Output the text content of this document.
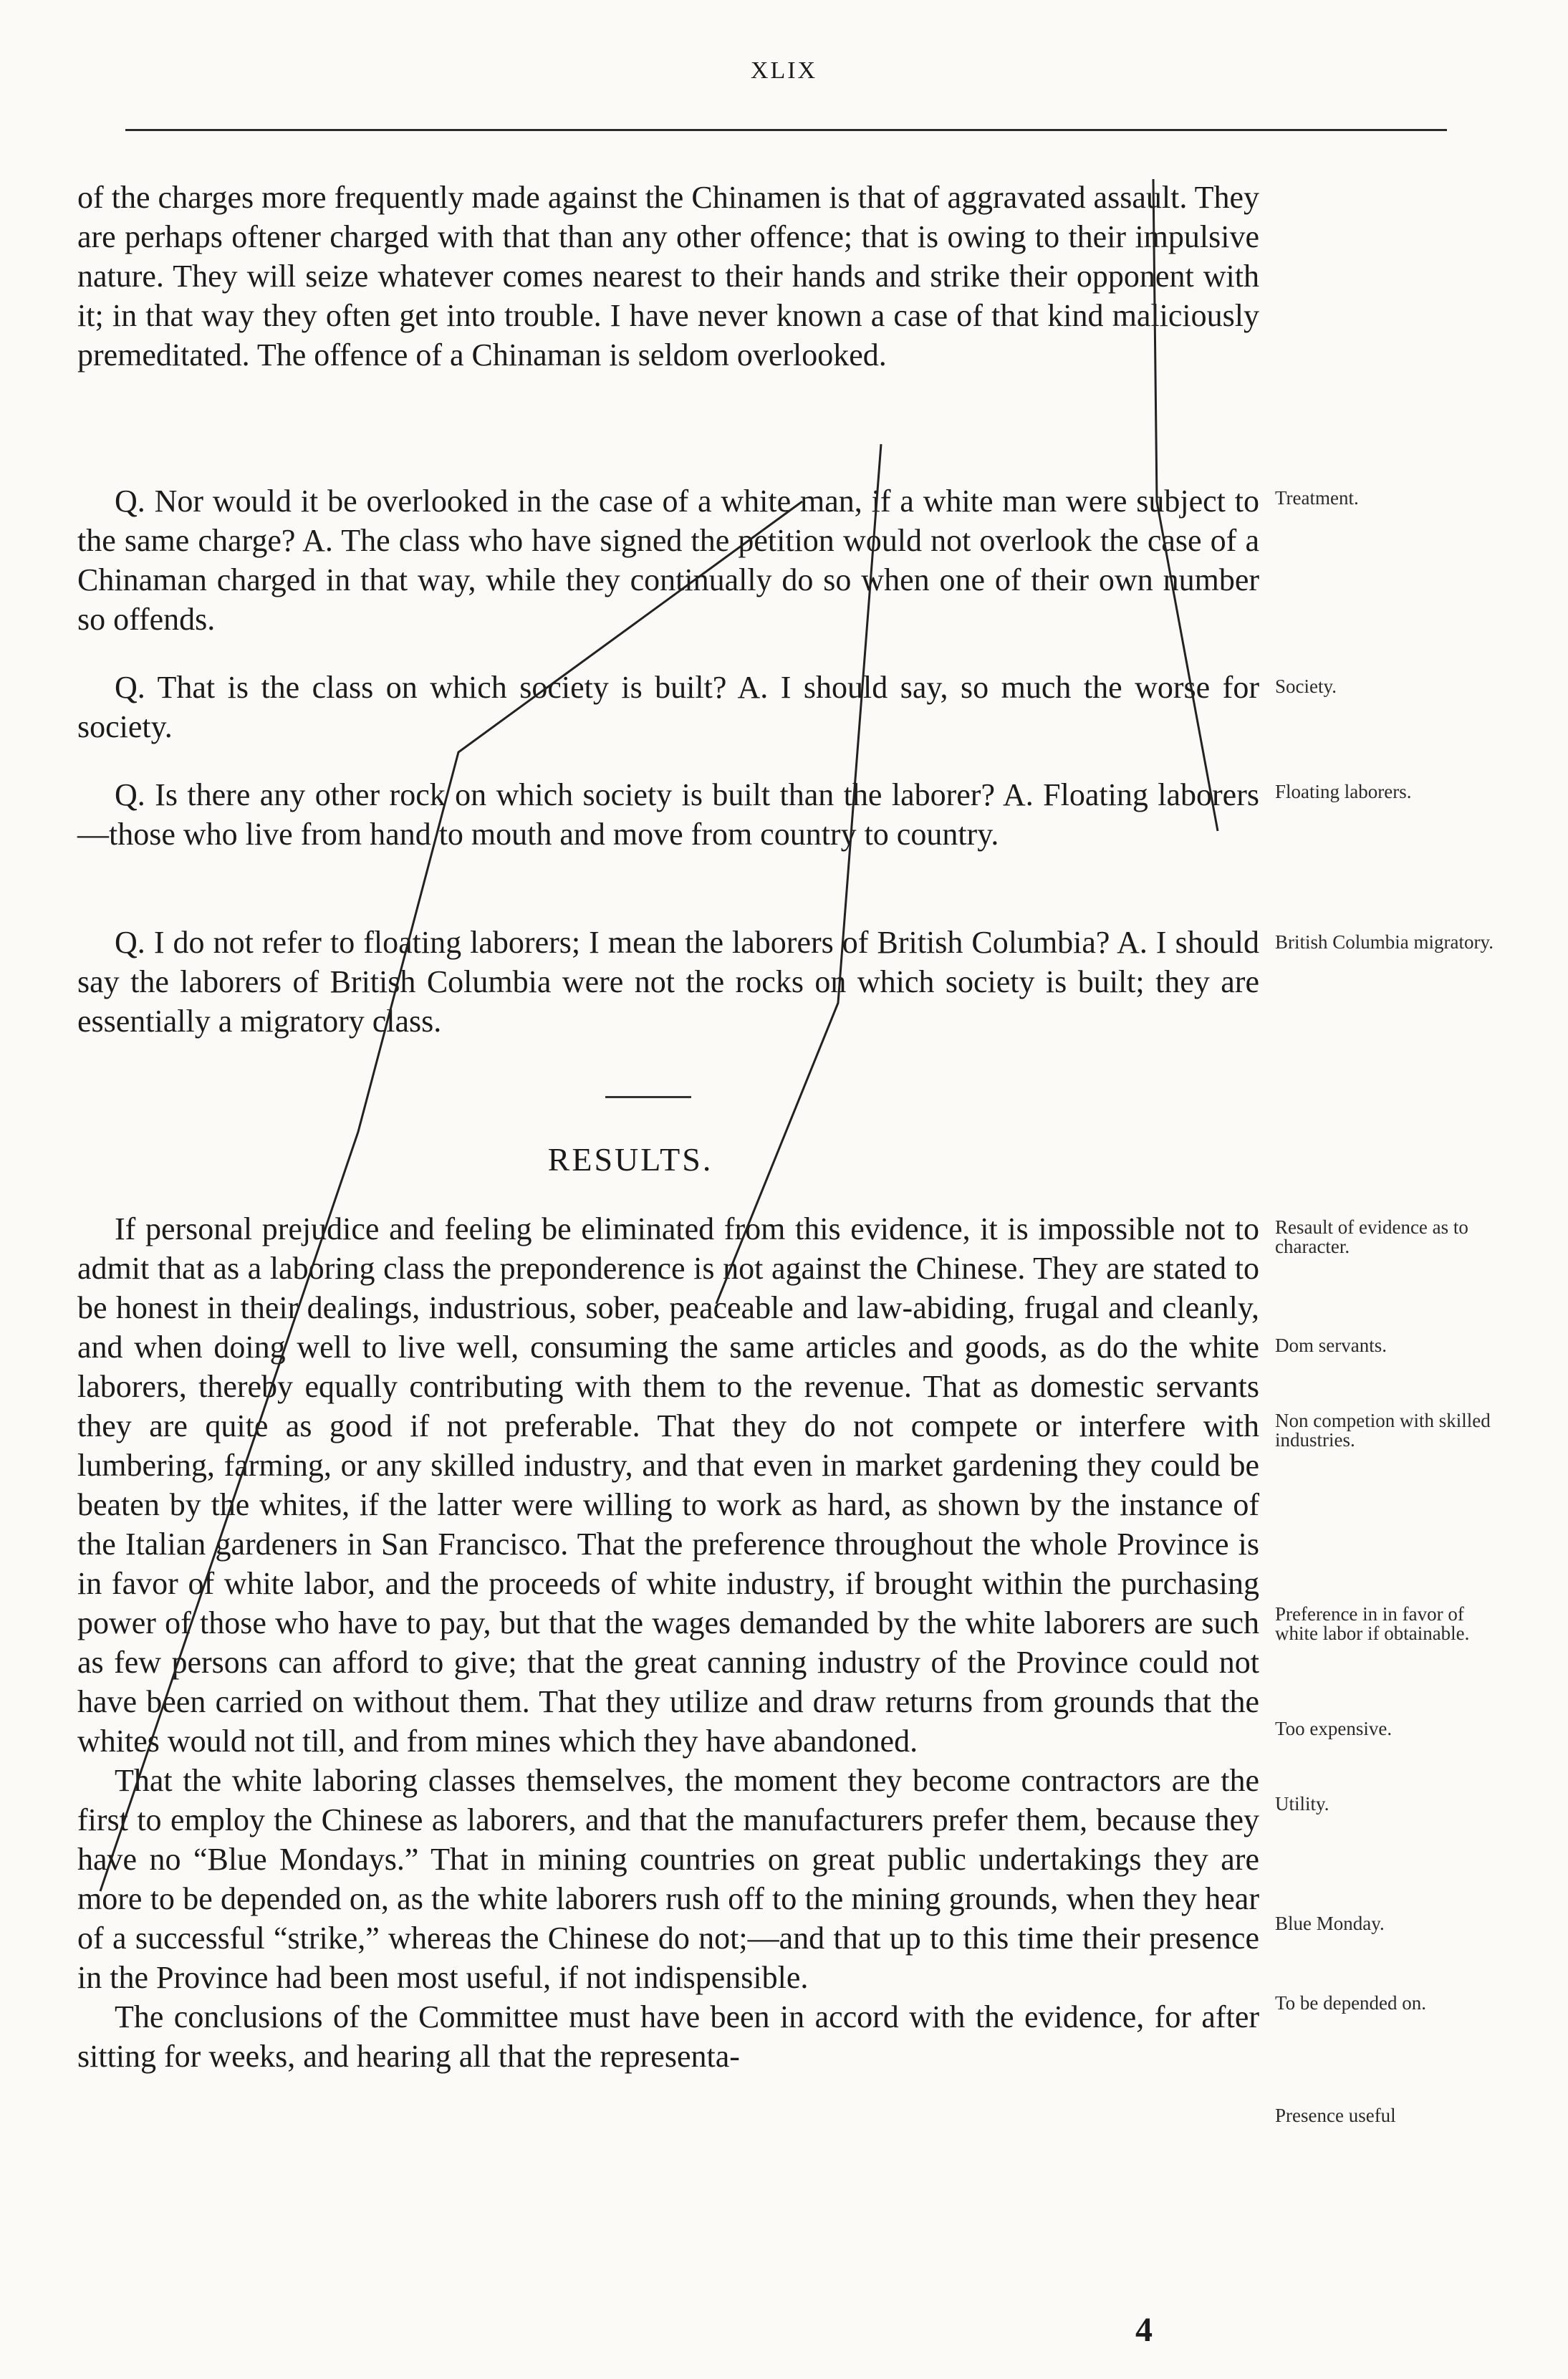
XLIX

of the charges more frequently made against the Chinamen is that of aggravated assault. They are perhaps oftener charged with that than any other offence; that is owing to their impulsive nature. They will seize whatever comes nearest to their hands and strike their opponent with it; in that way they often get into trouble. I have never known a case of that kind maliciously premeditated. The offence of a Chinaman is seldom overlooked.

Q. Nor would it be overlooked in the case of a white man, if a white man were subject to the same charge? A. The class who have signed the petition would not overlook the case of a Chinaman charged in that way, while they continually do so when one of their own number so offends.

Q. That is the class on which society is built? A. I should say, so much the worse for society.

Q. Is there any other rock on which society is built than the laborer? A. Floating laborers—those who live from hand to mouth and move from country to country.

Q. I do not refer to floating laborers; I mean the laborers of British Columbia? A. I should say the laborers of British Columbia were not the rocks on which society is built; they are essentially a migratory class.

RESULTS.

If personal prejudice and feeling be eliminated from this evidence, it is impossible not to admit that as a laboring class the preponderence is not against the Chinese. They are stated to be honest in their dealings, industrious, sober, peaceable and law-abiding, frugal and cleanly, and when doing well to live well, consuming the same articles and goods, as do the white laborers, thereby equally contributing with them to the revenue. That as domestic servants they are quite as good if not preferable. That they do not compete or interfere with lumbering, farming, or any skilled industry, and that even in market gardening they could be beaten by the whites, if the latter were willing to work as hard, as shown by the instance of the Italian gardeners in San Francisco. That the preference throughout the whole Province is in favor of white labor, and the proceeds of white industry, if brought within the purchasing power of those who have to pay, but that the wages demanded by the white laborers are such as few persons can afford to give; that the great canning industry of the Province could not have been carried on without them. That they utilize and draw returns from grounds that the whites would not till, and from mines which they have abandoned.

That the white laboring classes themselves, the moment they become contractors are the first to employ the Chinese as laborers, and that the manufacturers prefer them, because they have no “Blue Mondays.” That in mining countries on great public undertakings they are more to be depended on, as the white laborers rush off to the mining grounds, when they hear of a successful “strike,” whereas the Chinese do not;—and that up to this time their presence in the Province had been most useful, if not indispensible.

The conclusions of the Committee must have been in accord with the evidence, for after sitting for weeks, and hearing all that the representa-

Treatment.
Society.
Floating laborers.
British Columbia migratory.
Resault of evidence as to character.
Dom servants.
Non competion with skilled industries.
Preference in in favor of white labor if obtainable.
Too expensive.
Utility.
Blue Monday.
To be depended on.
Presence useful
4
